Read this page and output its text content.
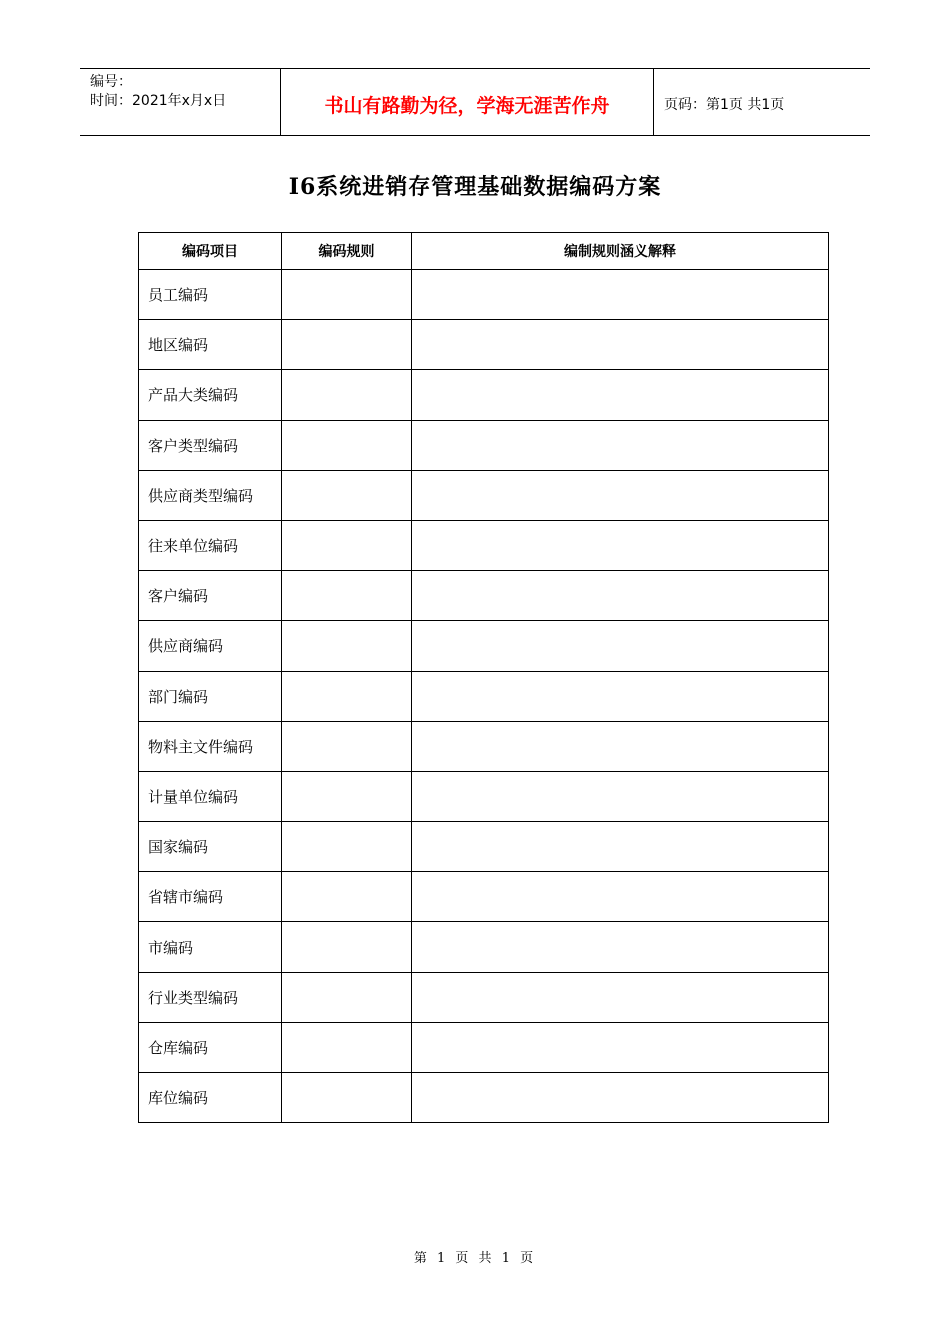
编号：
时间：2021年x月x日	书山有路勤为径，学海无涯苦作舟	页码：第1页 共1页
I6系统进销存管理基础数据编码方案
编码项目	编码规则	编制规则涵义解释
员工编码		
地区编码		
产品大类编码		
客户类型编码		
供应商类型编码		
往来单位编码		
客户编码		
供应商编码		
部门编码		
物料主文件编码		
计量单位编码		
国家编码		
省辖市编码		
市编码		
行业类型编码		
仓库编码		
库位编码		
第 1 页 共 1 页
